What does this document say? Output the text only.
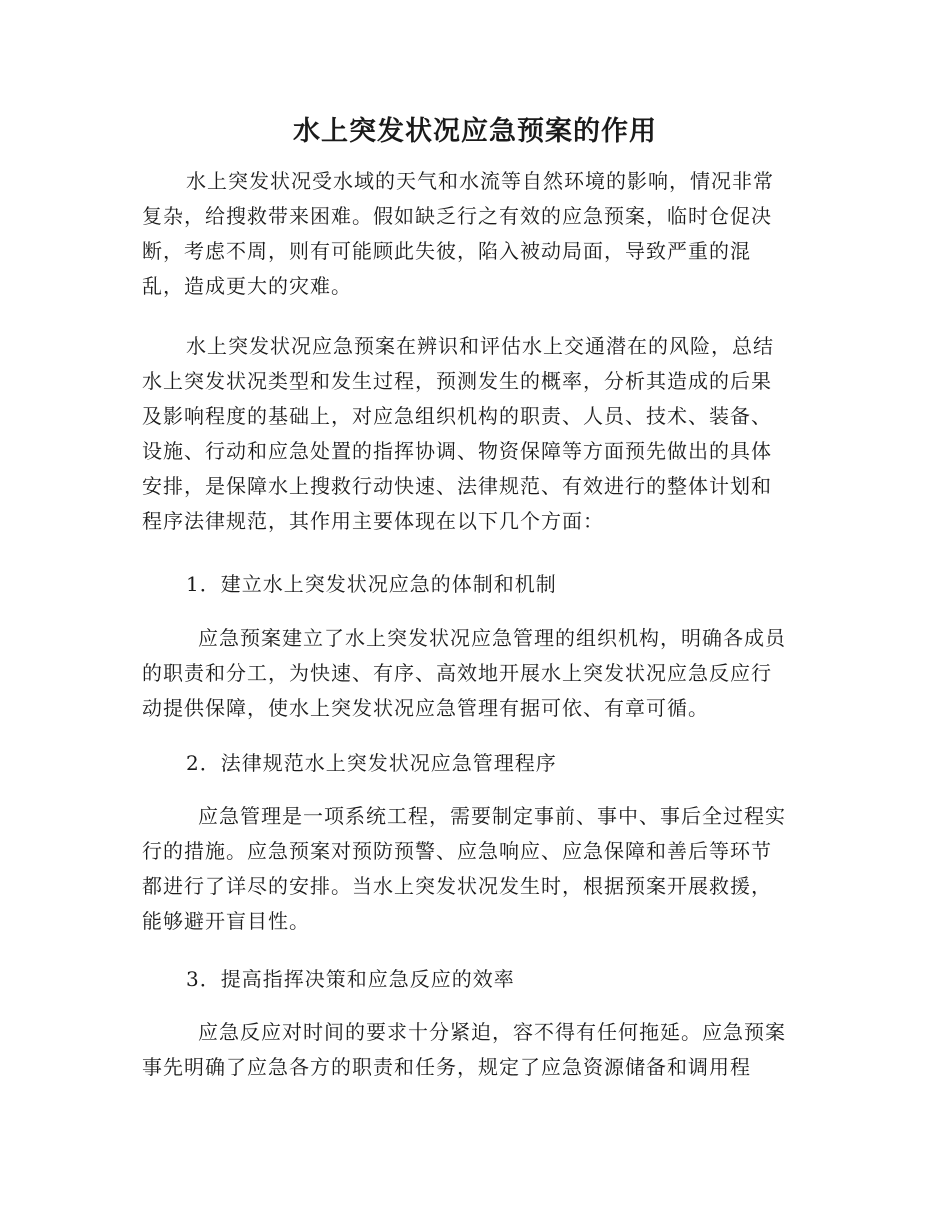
水上突发状况应急预案的作用
水上突发状况受水域的天气和水流等自然环境的影响，情况非常
复杂，给搜救带来困难。假如缺乏行之有效的应急预案，临时仓促决
断，考虑不周，则有可能顾此失彼，陷入被动局面，导致严重的混
乱，造成更大的灾难。
水上突发状况应急预案在辨识和评估水上交通潜在的风险，总结
水上突发状况类型和发生过程，预测发生的概率，分析其造成的后果
及影响程度的基础上，对应急组织机构的职责、人员、技术、装备、
设施、行动和应急处置的指挥协调、物资保障等方面预先做出的具体
安排，是保障水上搜救行动快速、法律规范、有效进行的整体计划和
程序法律规范，其作用主要体现在以下几个方面：
1．建立水上突发状况应急的体制和机制
应急预案建立了水上突发状况应急管理的组织机构，明确各成员
的职责和分工，为快速、有序、高效地开展水上突发状况应急反应行
动提供保障，使水上突发状况应急管理有据可依、有章可循。
2．法律规范水上突发状况应急管理程序
应急管理是一项系统工程，需要制定事前、事中、事后全过程实
行的措施。应急预案对预防预警、应急响应、应急保障和善后等环节
都进行了详尽的安排。当水上突发状况发生时，根据预案开展救援，
能够避开盲目性。
3．提高指挥决策和应急反应的效率
应急反应对时间的要求十分紧迫，容不得有任何拖延。应急预案
事先明确了应急各方的职责和任务，规定了应急资源储备和调用程
